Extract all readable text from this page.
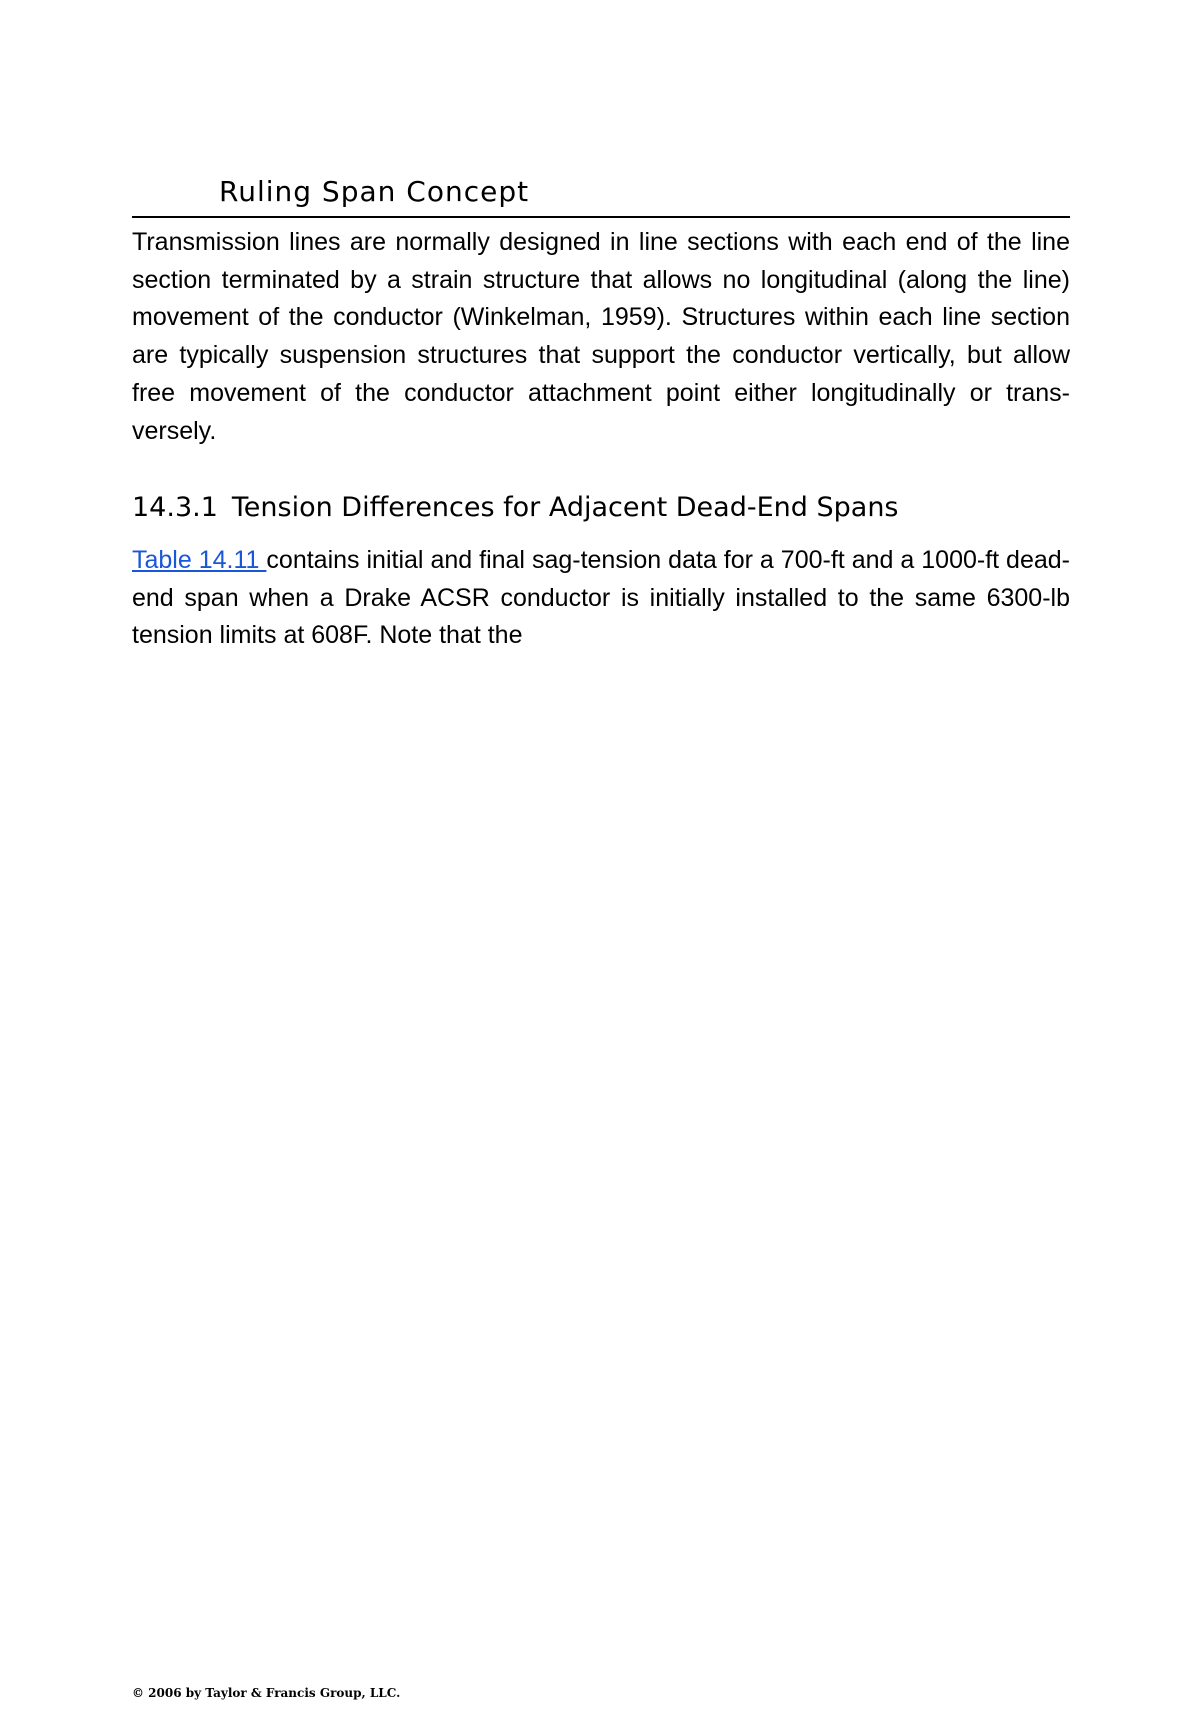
Ruling Span Concept

Transmission lines are normally designed in line sections with each end of the line section terminated by a strain structure that allows no longitudinal (along the line) movement of the conductor (Winkelman, 1959). Structures within each line section are typically suspension structures that support the conductor vertically, but allow free movement of the conductor attachment point either longitudinally or trans- versely.

14.3.1 Tension Differences for Adjacent Dead-End Spans

Table 14.11 contains initial and final sag-tension data for a 700-ft and a 1000-ft dead-end span when a Drake ACSR conductor is initially installed to the same 6300-lb tension limits at 608F. Note that the

© 2006 by Taylor & Francis Group, LLC.
